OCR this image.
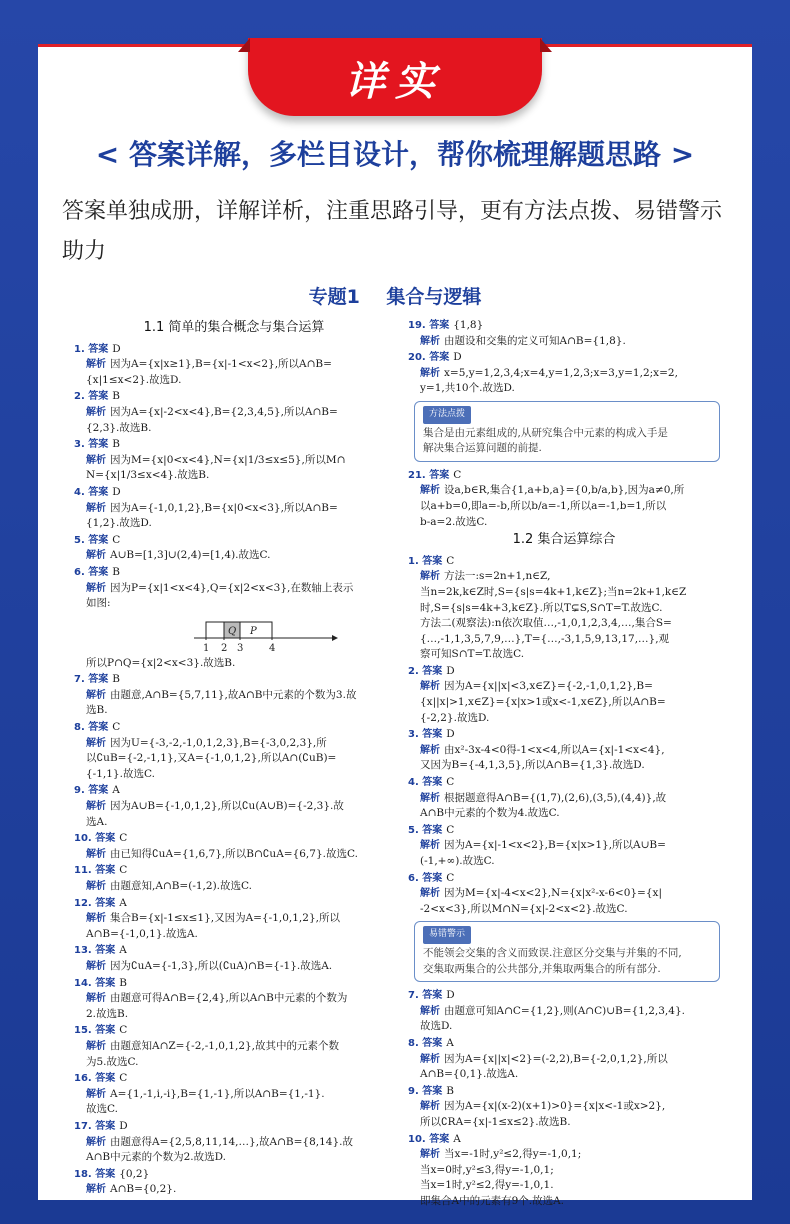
详实
< 答案详解，多栏目设计，帮你梳理解题思路 >
答案单独成册，详解详析，注重思路引导，更有方法点拨、易错警示助力
专题1 集合与逻辑
1.1 简单的集合概念与集合运算
1. 答案 D
解析 因为A={x|x≥1},B={x|-1<x<2},所以A∩B=
{x|1≤x<2}.故选D.
2. 答案 B
解析 因为A={x|-2<x<4},B={2,3,4,5},所以A∩B=
{2,3}.故选B.
3. 答案 B
解析 因为M={x|0<x<4},N={x|1/3≤x≤5},所以M∩
N={x|1/3≤x<4}.故选B.
4. 答案 D
解析 因为A={-1,0,1,2},B={x|0<x<3},所以A∩B=
{1,2}.故选D.
5. 答案 C
解析 A∪B=[1,3]∪(2,4)=[1,4).故选C.
6. 答案 B
解析 因为P={x|1<x<4},Q={x|2<x<3},在数轴上表示
如图:
1 2 3	4
Q P
所以P∩Q={x|2<x<3}.故选B.
7. 答案 B
解析 由题意,A∩B={5,7,11},故A∩B中元素的个数为3.故
选B.
8. 答案 C
解析 因为U={-3,-2,-1,0,1,2,3},B={-3,0,2,3},所
以∁uB={-2,-1,1},又A={-1,0,1,2},所以A∩(∁uB)=
{-1,1}.故选C.
9. 答案 A
解析 因为A∪B={-1,0,1,2},所以∁u(A∪B)={-2,3}.故
选A.
10. 答案 C
解析 由已知得∁uA={1,6,7},所以B∩∁uA={6,7}.故选C.
11. 答案 C
解析 由题意知,A∩B=(-1,2).故选C.
12. 答案 A
解析 集合B={x|-1≤x≤1},又因为A={-1,0,1,2},所以
A∩B={-1,0,1}.故选A.
13. 答案 A
解析 因为∁uA={-1,3},所以(∁uA)∩B={-1}.故选A.
14. 答案 B
解析 由题意可得A∩B={2,4},所以A∩B中元素的个数为
2.故选B.
15. 答案 C
解析 由题意知A∩Z={-2,-1,0,1,2},故其中的元素个数
为5.故选C.
16. 答案 C
解析 A={1,-1,i,-i},B={1,-1},所以A∩B={1,-1}.
故选C.
17. 答案 D
解析 由题意得A={2,5,8,11,14,…},故A∩B={8,14}.故
A∩B中元素的个数为2.故选D.
18. 答案 {0,2}
解析 A∩B={0,2}.
19. 答案 {1,8}
解析 由题设和交集的定义可知A∩B={1,8}.
20. 答案 D
解析 x=5,y=1,2,3,4;x=4,y=1,2,3;x=3,y=1,2;x=2,
y=1,共10个.故选D.
方法点拨
集合是由元素组成的,从研究集合中元素的构成入手是
解决集合运算问题的前提.
21. 答案 C
解析 设a,b∈R,集合{1,a+b,a}={0,b/a,b},因为a≠0,所
以a+b=0,即a=-b,所以b/a=-1,所以a=-1,b=1,所以
b-a=2.故选C.
1.2 集合运算综合
1. 答案 C
解析 方法一:s=2n+1,n∈Z,
当n=2k,k∈Z时,S={s|s=4k+1,k∈Z};当n=2k+1,k∈Z
时,S={s|s=4k+3,k∈Z}.所以T⊊S,S∩T=T.故选C.
方法二(观察法):n依次取值…,-1,0,1,2,3,4,…,集合S=
{…,-1,1,3,5,7,9,…},T={…,-3,1,5,9,13,17,…},观
察可知S∩T=T.故选C.
2. 答案 D
解析 因为A={x||x|<3,x∈Z}={-2,-1,0,1,2},B=
{x||x|>1,x∈Z}={x|x>1或x<-1,x∈Z},所以A∩B=
{-2,2}.故选D.
3. 答案 D
解析 由x²-3x-4<0得-1<x<4,所以A={x|-1<x<4},
又因为B={-4,1,3,5},所以A∩B={1,3}.故选D.
4. 答案 C
解析 根据题意得A∩B={(1,7),(2,6),(3,5),(4,4)},故
A∩B中元素的个数为4.故选C.
5. 答案 C
解析 因为A={x|-1<x<2},B={x|x>1},所以A∪B=
(-1,+∞).故选C.
6. 答案 C
解析 因为M={x|-4<x<2},N={x|x²-x-6<0}={x|
-2<x<3},所以M∩N={x|-2<x<2}.故选C.
易错警示
不能领会交集的含义而致误.注意区分交集与并集的不同,
交集取两集合的公共部分,并集取两集合的所有部分.
7. 答案 D
解析 由题意可知A∩C={1,2},则(A∩C)∪B={1,2,3,4}.
故选D.
8. 答案 A
解析 因为A={x||x|<2}=(-2,2),B={-2,0,1,2},所以
A∩B={0,1}.故选A.
9. 答案 B
解析 因为A={x|(x-2)(x+1)>0}={x|x<-1或x>2},
所以∁RA={x|-1≤x≤2}.故选B.
10. 答案 A
解析 当x=-1时,y²≤2,得y=-1,0,1;
当x=0时,y²≤3,得y=-1,0,1;
当x=1时,y²≤2,得y=-1,0,1.
即集合A中的元素有9个.故选A.
